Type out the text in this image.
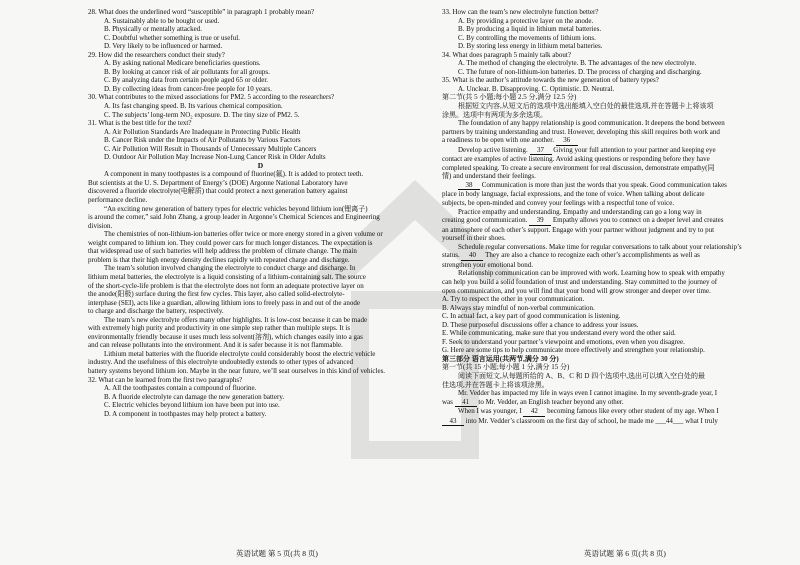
28. What does the underlined word “susceptible” in paragraph 1 probably mean?
A. Sustainably able to be bought or used.
B. Physically or mentally attacked.
C. Doubtful whether something is true or useful.
D. Very likely to be influenced or harmed.
29. How did the researchers conduct their study?
A. By asking national Medicare beneficiaries questions.
B. By looking at cancer risk of air pollutants for all groups.
C. By analyzing data from certain people aged 65 or older.
D. By collecting ideas from cancer-free people for 10 years.
30. What contributes to the mixed associations for PM2. 5 according to the researchers?
A. Its fast changing speed. B. Its various chemical composition.
C. The subjects’ long-term NO₂ exposure. D. The tiny size of PM2. 5.
31. What is the best title for the text?
A. Air Pollution Standards Are Inadequate in Protecting Public Health
B. Cancer Risk under the Impacts of Air Pollutants by Various Factors
C. Air Pollution Will Result in Thousands of Unnecessary Multiple Cancers
D. Outdoor Air Pollution May Increase Non-Lung Cancer Risk in Older Adults
D
A component in many toothpastes is a compound of fluorine(氟). It is added to protect teeth.
But scientists at the U. S. Department of Energy’s (DOE) Argonne National Laboratory have
discovered a fluoride electrolyte(电解质) that could protect a next generation battery against
performance decline.
“An exciting new generation of battery types for electric vehicles beyond lithium ion(锂离子)
is around the corner,” said John Zhang, a group leader in Argonne’s Chemical Sciences and Engineering
division.
The chemistries of non-lithium-ion batteries offer twice or more energy stored in a given volume or
weight compared to lithium ion. They could power cars for much longer distances. The expectation is
that widespread use of such batteries will help address the problem of climate change. The main
problem is that their high energy density declines rapidly with repeated charge and discharge.
The team’s solution involved changing the electrolyte to conduct charge and discharge. In
lithium metal batteries, the electrolyte is a liquid consisting of a lithium-containing salt. The source
of the short-cycle-life problem is that the electrolyte does not form an adequate protective layer on
the anode(阳极) surface during the first few cycles. This layer, also called solid-electrolyte-
interphase (SEI), acts like a guardian, allowing lithium ions to freely pass in and out of the anode
to charge and discharge the battery, respectively.
The team’s new electrolyte offers many other highlights. It is low-cost because it can be made
with extremely high purity and productivity in one simple step rather than multiple steps. It is
environmentally friendly because it uses much less solvent(溶剂), which changes easily into a gas
and can release pollutants into the environment. And it is safer because it is not flammable.
Lithium metal batteries with the fluoride electrolyte could considerably boost the electric vehicle
industry. And the usefulness of this electrolyte undoubtedly extends to other types of advanced
battery systems beyond lithium ion. Maybe in the near future, we’ll seat ourselves in this kind of vehicles.
32. What can be learned from the first two paragraphs?
A. All the toothpastes contain a compound of fluorine.
B. A fluoride electrolyte can damage the new generation battery.
C. Electric vehicles beyond lithium ion have been put into use.
D. A component in toothpastes may help protect a battery.
33. How can the team’s new electrolyte function better?
A. By providing a protective layer on the anode.
B. By producing a liquid in lithium metal batteries.
C. By controlling the movements of lithium ions.
D. By storing less energy in lithium metal batteries.
34. What does paragraph 5 mainly talk about?
A. The method of changing the electrolyte. B. The advantages of the new electrolyte.
C. The future of non-lithium-ion batteries. D. The process of charging and discharging.
35. What is the author’s attitude towards the new generation of battery types?
A. Unclear. B. Disapproving. C. Optimistic. D. Neutral.
第二节(共 5 小题;每小题 2.5 分,满分 12.5 分)
根据短文内容,从短文后的选项中选出能填入空白处的最佳选项,并在答题卡上将该项
涂黑。选项中有两项为多余选项。
The foundation of any happy relationship is good communication. It deepens the bond between
partners by training understanding and trust. However, developing this skill requires both work and
a readiness to be open with one another. 36
Develop active listening. 37 Giving your full attention to your partner and keeping eye
contact are examples of active listening. Avoid asking questions or responding before they have
completed speaking. To create a secure environment for real discussion, demonstrate empathy(同
情) and understand their feelings.
38 Communication is more than just the words that you speak. Good communication takes
place in body language, facial expressions, and the tone of voice. When talking about delicate
subjects, be open-minded and convey your feelings with a respectful tone of voice.
Practice empathy and understanding. Empathy and understanding can go a long way in
creating good communication. 39 Empathy allows you to connect on a deeper level and creates
an atmosphere of each other’s support. Engage with your partner without judgment and try to put
yourself in their shoes.
Schedule regular conversations. Make time for regular conversations to talk about your relationship’s
status. 40 They are also a chance to recognize each other’s accomplishments as well as
strengthen your emotional bond.
Relationship communication can be improved with work. Learning how to speak with empathy
can help you build a solid foundation of trust and understanding. Stay committed to the journey of
open communication, and you will find that your bond will grow stronger and deeper over time.
A. Try to respect the other in your communication.
B. Always stay mindful of non-verbal communication.
C. In actual fact, a key part of good communication is listening.
D. These purposeful discussions offer a chance to address your issues.
E. While communicating, make sure that you understand every word the other said.
F. Seek to understand your partner’s viewpoint and emotions, even when you disagree.
G. Here are some tips to help communicate more effectively and strengthen your relationship.
第三部分 语言运用(共两节,满分 30 分)
第一节(共 15 小题;每小题 1 分,满分 15 分)
阅读下面短文,从每题所给的 A、B、C 和 D 四个选项中,选出可以填入空白处的最
佳选项,并在答题卡上将该项涂黑。
Mr. Vedder has impacted my life in ways even I cannot imagine. In my seventh-grade year, I
was 41 to Mr. Vedder, an English teacher beyond any other.
When I was younger, I 42 becoming famous like every other student of my age. When I
43 into Mr. Vedder’s classroom on the first day of school, he made me ___44___ what I truly
英语试题 第 5 页(共 8 页)	英语试题 第 6 页(共 8 页)
